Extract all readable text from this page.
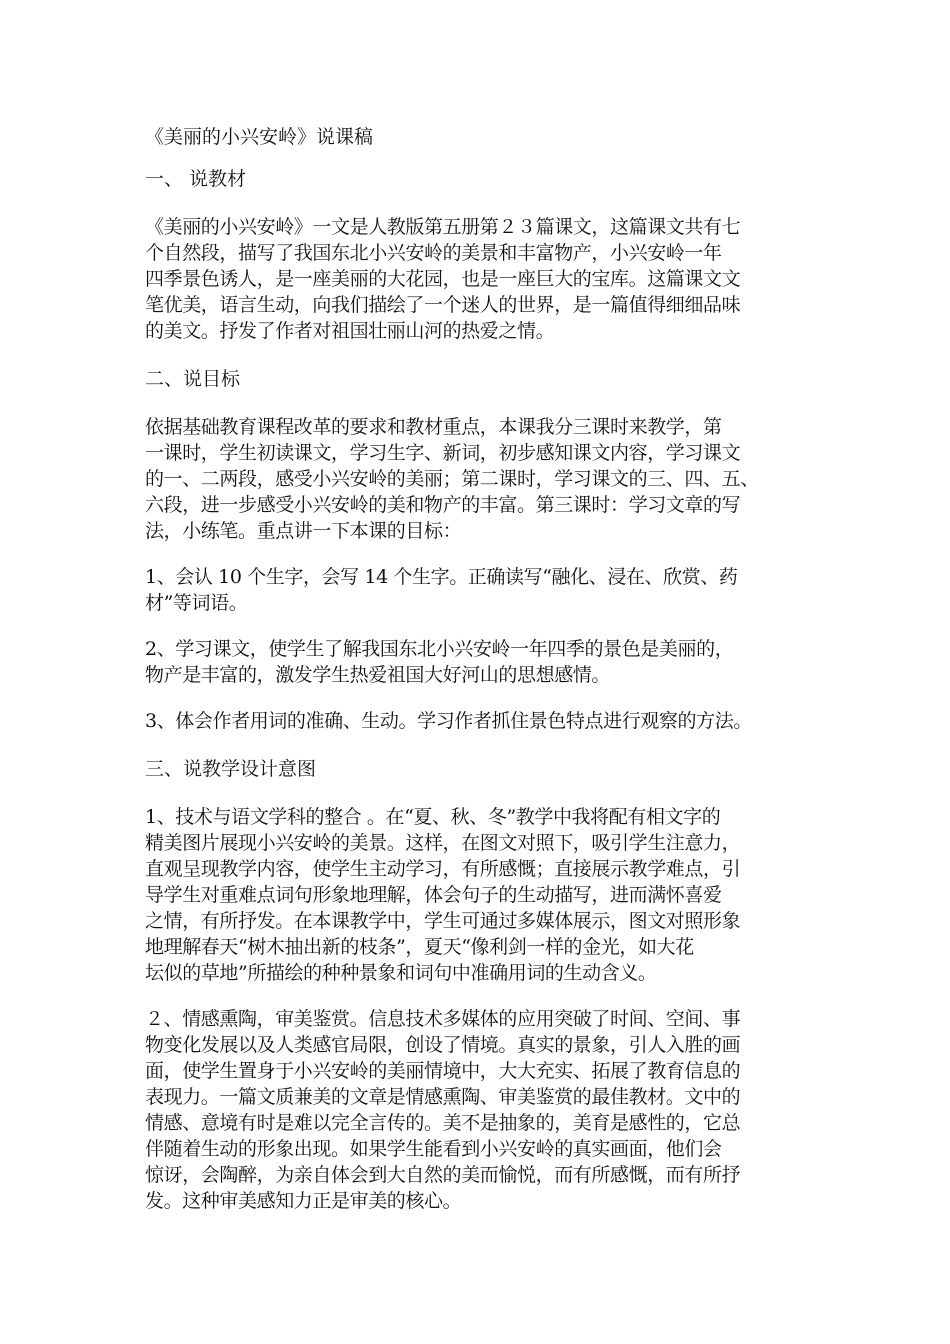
《美丽的小兴安岭》说课稿

一、 说教材

《美丽的小兴安岭》一文是人教版第五册第２３篇课文，这篇课文共有七
个自然段，描写了我国东北小兴安岭的美景和丰富物产，小兴安岭一年
四季景色诱人，是一座美丽的大花园，也是一座巨大的宝库。这篇课文文
笔优美，语言生动，向我们描绘了一个迷人的世界，是一篇值得细细品味
的美文。抒发了作者对祖国壮丽山河的热爱之情。

二、说目标

依据基础教育课程改革的要求和教材重点，本课我分三课时来教学，第
一课时，学生初读课文，学习生字、新词，初步感知课文内容，学习课文
的一、二两段，感受小兴安岭的美丽；第二课时，学习课文的三、四、五、
六段，进一步感受小兴安岭的美和物产的丰富。第三课时：学习文章的写
法，小练笔。重点讲一下本课的目标：

1、会认 10 个生字，会写 14 个生字。正确读写“融化、浸在、欣赏、药
材”等词语。

2、学习课文，使学生了解我国东北小兴安岭一年四季的景色是美丽的，
物产是丰富的，激发学生热爱祖国大好河山的思想感情。

3、体会作者用词的准确、生动。学习作者抓住景色特点进行观察的方法。

三、说教学设计意图

1、技术与语文学科的整合 。在“夏、秋、冬”教学中我将配有相文字的
精美图片展现小兴安岭的美景。这样，在图文对照下，吸引学生注意力，
直观呈现教学内容，使学生主动学习，有所感慨；直接展示教学难点，引
导学生对重难点词句形象地理解，体会句子的生动描写，进而满怀喜爱
之情，有所抒发。在本课教学中，学生可通过多媒体展示，图文对照形象
地理解春天“树木抽出新的枝条”，夏天“像利剑一样的金光，如大花
坛似的草地”所描绘的种种景象和词句中准确用词的生动含义。

２、情感熏陶，审美鉴赏。信息技术多媒体的应用突破了时间、空间、事
物变化发展以及人类感官局限，创设了情境。真实的景象，引人入胜的画
面，使学生置身于小兴安岭的美丽情境中，大大充实、拓展了教育信息的
表现力。一篇文质兼美的文章是情感熏陶、审美鉴赏的最佳教材。文中的
情感、意境有时是难以完全言传的。美不是抽象的，美育是感性的，它总
伴随着生动的形象出现。如果学生能看到小兴安岭的真实画面，他们会
惊讶，会陶醉，为亲自体会到大自然的美而愉悦，而有所感慨，而有所抒
发。这种审美感知力正是审美的核心。
